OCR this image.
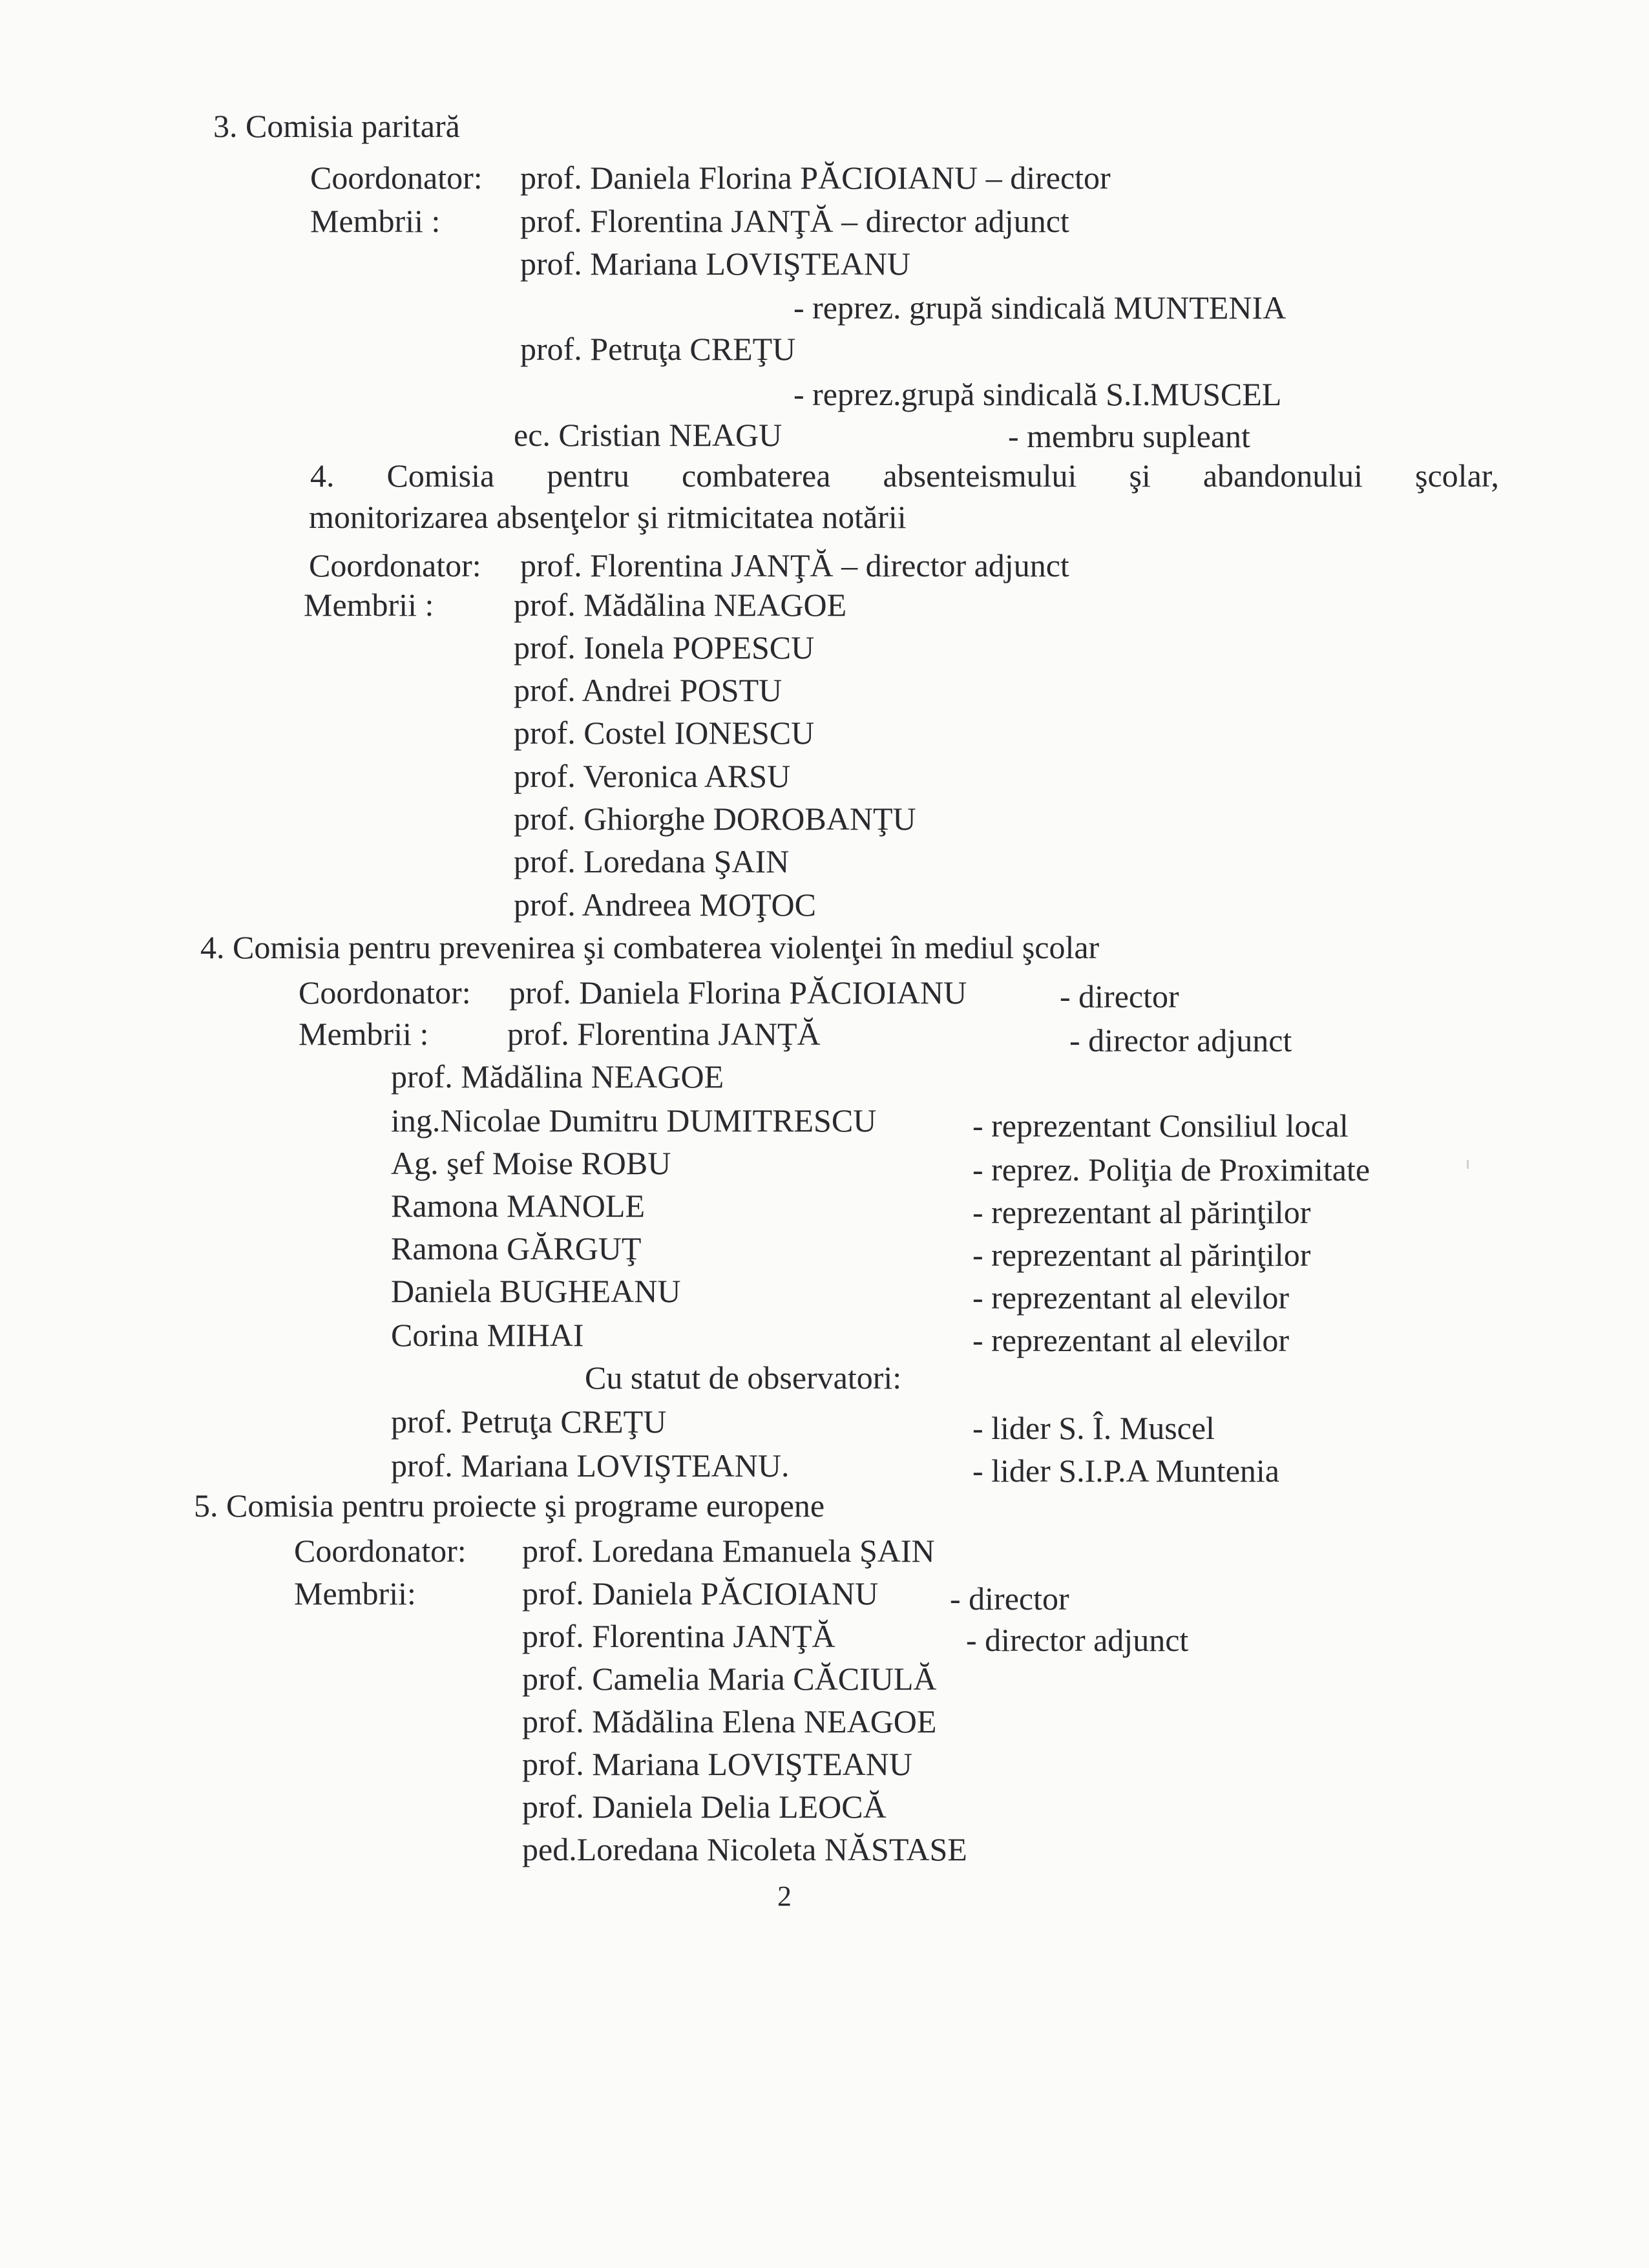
3. Comisia paritară
Coordonator: prof. Daniela Florina PĂCIOIANU – director
Membrii : prof. Florentina JANŢĂ – director adjunct
prof. Mariana LOVIŞTEANU
- reprez. grupă sindicală MUNTENIA
prof. Petruţa CREŢU
- reprez.grupă sindicală S.I.MUSCEL
ec. Cristian NEAGU	- membru supleant
4. Comisia pentru combaterea absenteismului şi abandonului şcolar,
monitorizarea absenţelor şi ritmicitatea notării
Coordonator: prof. Florentina JANŢĂ – director adjunct
Membrii : prof. Mădălina NEAGOE
prof. Ionela POPESCU
prof. Andrei POSTU
prof. Costel IONESCU
prof. Veronica ARSU
prof. Ghiorghe DOROBANŢU
prof. Loredana ŞAIN
prof. Andreea MOŢOC
4. Comisia pentru prevenirea şi combaterea violenţei în mediul şcolar
Coordonator: prof. Daniela Florina PĂCIOIANU	- director
Membrii : prof. Florentina JANŢĂ	- director adjunct
prof. Mădălina NEAGOE
ing.Nicolae Dumitru DUMITRESCU	- reprezentant Consiliul local
Ag. şef Moise ROBU	- reprez. Poliţia de Proximitate
Ramona MANOLE	- reprezentant al părinţilor
Ramona GĂRGUŢ	- reprezentant al părinţilor
Daniela BUGHEANU	- reprezentant al elevilor
Corina MIHAI	- reprezentant al elevilor
Cu statut de observatori:
prof. Petruţa CREŢU	- lider S. Î. Muscel
prof. Mariana LOVIŞTEANU.	- lider S.I.P.A Muntenia
5. Comisia pentru proiecte şi programe europene
Coordonator: prof. Loredana Emanuela ŞAIN
Membrii:	prof. Daniela PĂCIOIANU - director
prof. Florentina JANŢĂ	- director adjunct
prof. Camelia Maria CĂCIULĂ
prof. Mădălina Elena NEAGOE
prof. Mariana LOVIŞTEANU
prof. Daniela Delia LEOCĂ
ped.Loredana Nicoleta NĂSTASE
2
